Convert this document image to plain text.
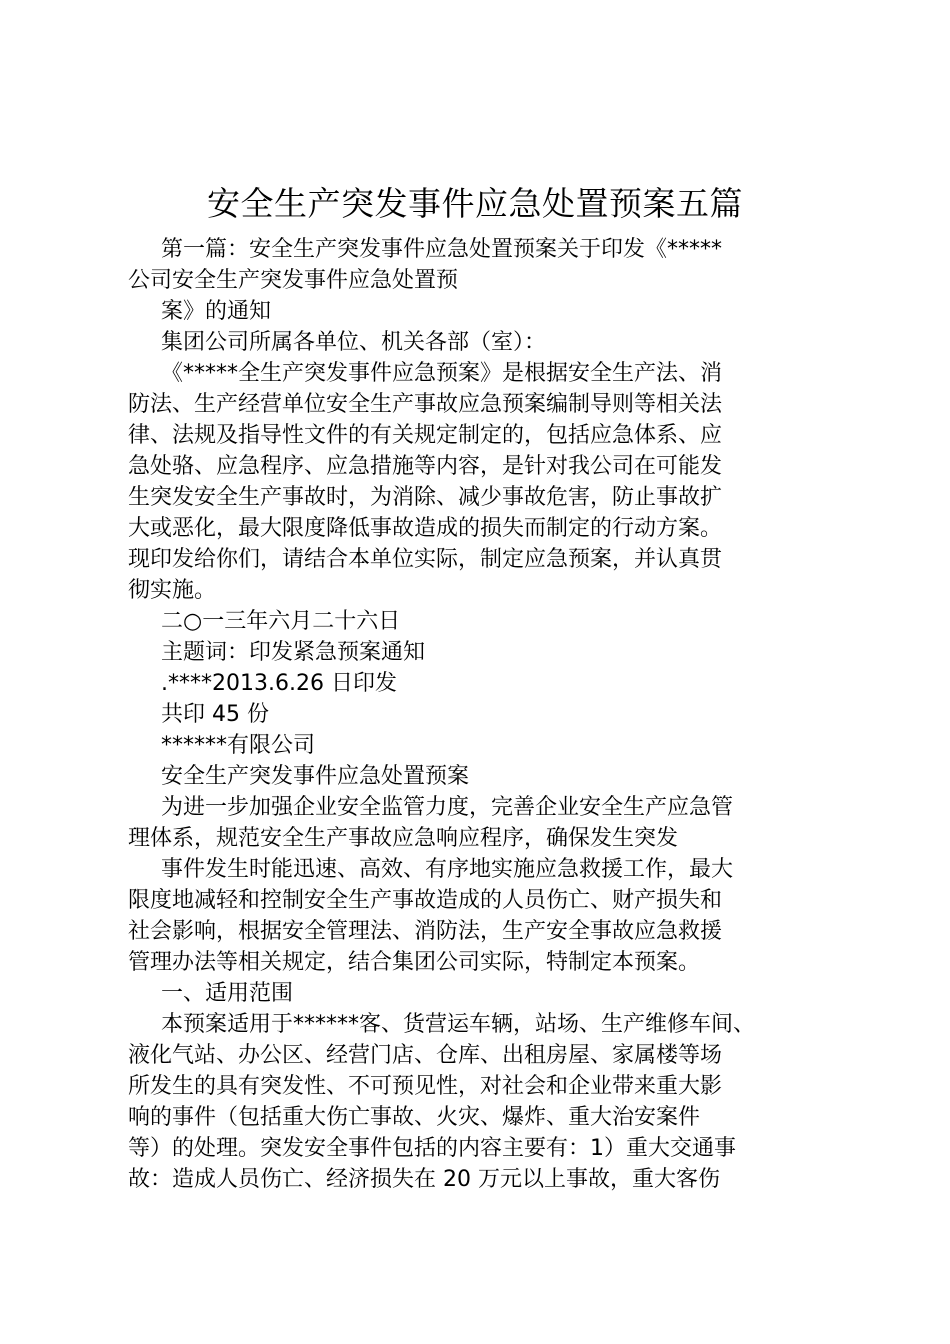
安全生产突发事件应急处置预案五篇
第一篇：安全生产突发事件应急处置预案关于印发《*****
公司安全生产突发事件应急处置预
案》的通知
集团公司所属各单位、机关各部（室）：
《*****全生产突发事件应急预案》是根据安全生产法、消
防法、生产经营单位安全生产事故应急预案编制导则等相关法
律、法规及指导性文件的有关规定制定的，包括应急体系、应
急处骆、应急程序、应急措施等内容，是针对我公司在可能发
生突发安全生产事故时，为消除、减少事故危害，防止事故扩
大或恶化，最大限度降低事故造成的损失而制定的行动方案。
现印发给你们，请结合本单位实际，制定应急预案，并认真贯
彻实施。
二○一三年六月二十六日
主题词：印发紧急预案通知
.****2013.6.26 日印发
共印 45 份
******有限公司
安全生产突发事件应急处置预案
为进一步加强企业安全监管力度，完善企业安全生产应急管
理体系，规范安全生产事故应急响应程序，确保发生突发
事件发生时能迅速、高效、有序地实施应急救援工作，最大
限度地减轻和控制安全生产事故造成的人员伤亡、财产损失和
社会影响，根据安全管理法、消防法，生产安全事故应急救援
管理办法等相关规定，结合集团公司实际，特制定本预案。
一、适用范围
本预案适用于******客、货营运车辆，站场、生产维修车间、
液化气站、办公区、经营门店、仓库、出租房屋、家属楼等场
所发生的具有突发性、不可预见性，对社会和企业带来重大影
响的事件（包括重大伤亡事故、火灾、爆炸、重大治安案件
等）的处理。突发安全事件包括的内容主要有：1）重大交通事
故：造成人员伤亡、经济损失在 20 万元以上事故，重大客伤
